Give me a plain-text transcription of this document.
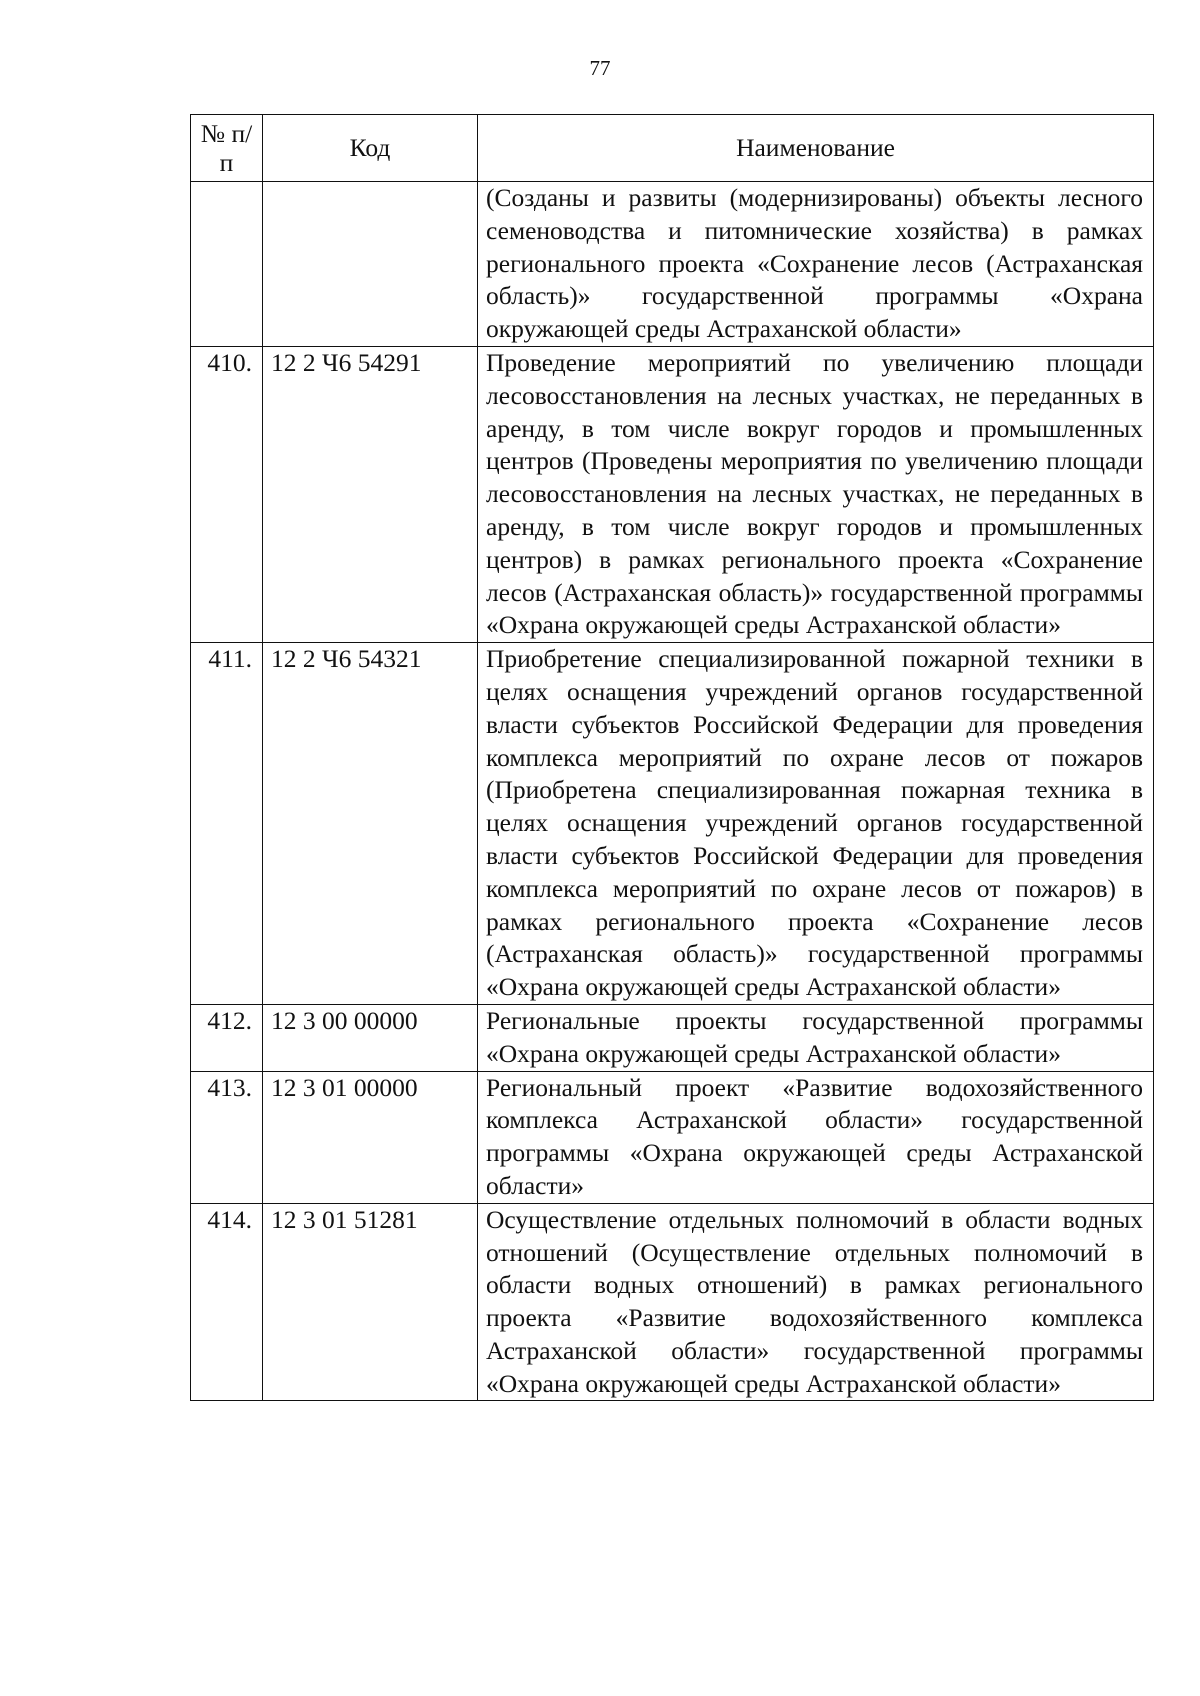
77
№ п/п	Код	Наименование
		(Созданы и развиты (модернизированы) объекты лесного семеноводства и питомнические хозяйства) в рамках регионального проекта «Сохранение лесов (Астраханская область)» государственной программы «Охрана окружающей среды Астраханской области»
410.	12 2 Ч6 54291	Проведение мероприятий по увеличению площади лесовосстановления на лесных участках, не переданных в аренду, в том числе вокруг городов и промышленных центров (Проведены мероприятия по увеличению площади лесовосстановления на лесных участках, не переданных в аренду, в том числе вокруг городов и промышленных центров) в рамках регионального проекта «Сохранение лесов (Астраханская область)» государственной программы «Охрана окружающей среды Астраханской области»
411.	12 2 Ч6 54321	Приобретение специализированной пожарной техники в целях оснащения учреждений органов государственной власти субъектов Российской Федерации для проведения комплекса мероприятий по охране лесов от пожаров (Приобретена специализированная пожарная техника в целях оснащения учреждений органов государственной власти субъектов Российской Федерации для проведения комплекса мероприятий по охране лесов от пожаров) в рамках регионального проекта «Сохранение лесов (Астраханская область)» государственной программы «Охрана окружающей среды Астраханской области»
412.	12 3 00 00000	Региональные проекты государственной программы «Охрана окружающей среды Астраханской области»
413.	12 3 01 00000	Региональный проект «Развитие водохозяйственного комплекса Астраханской области» государственной программы «Охрана окружающей среды Астраханской области»
414.	12 3 01 51281	Осуществление отдельных полномочий в области водных отношений (Осуществление отдельных полномочий в области водных отношений) в рамках регионального проекта «Развитие водохозяйственного комплекса Астраханской области» государственной программы «Охрана окружающей среды Астраханской области»
